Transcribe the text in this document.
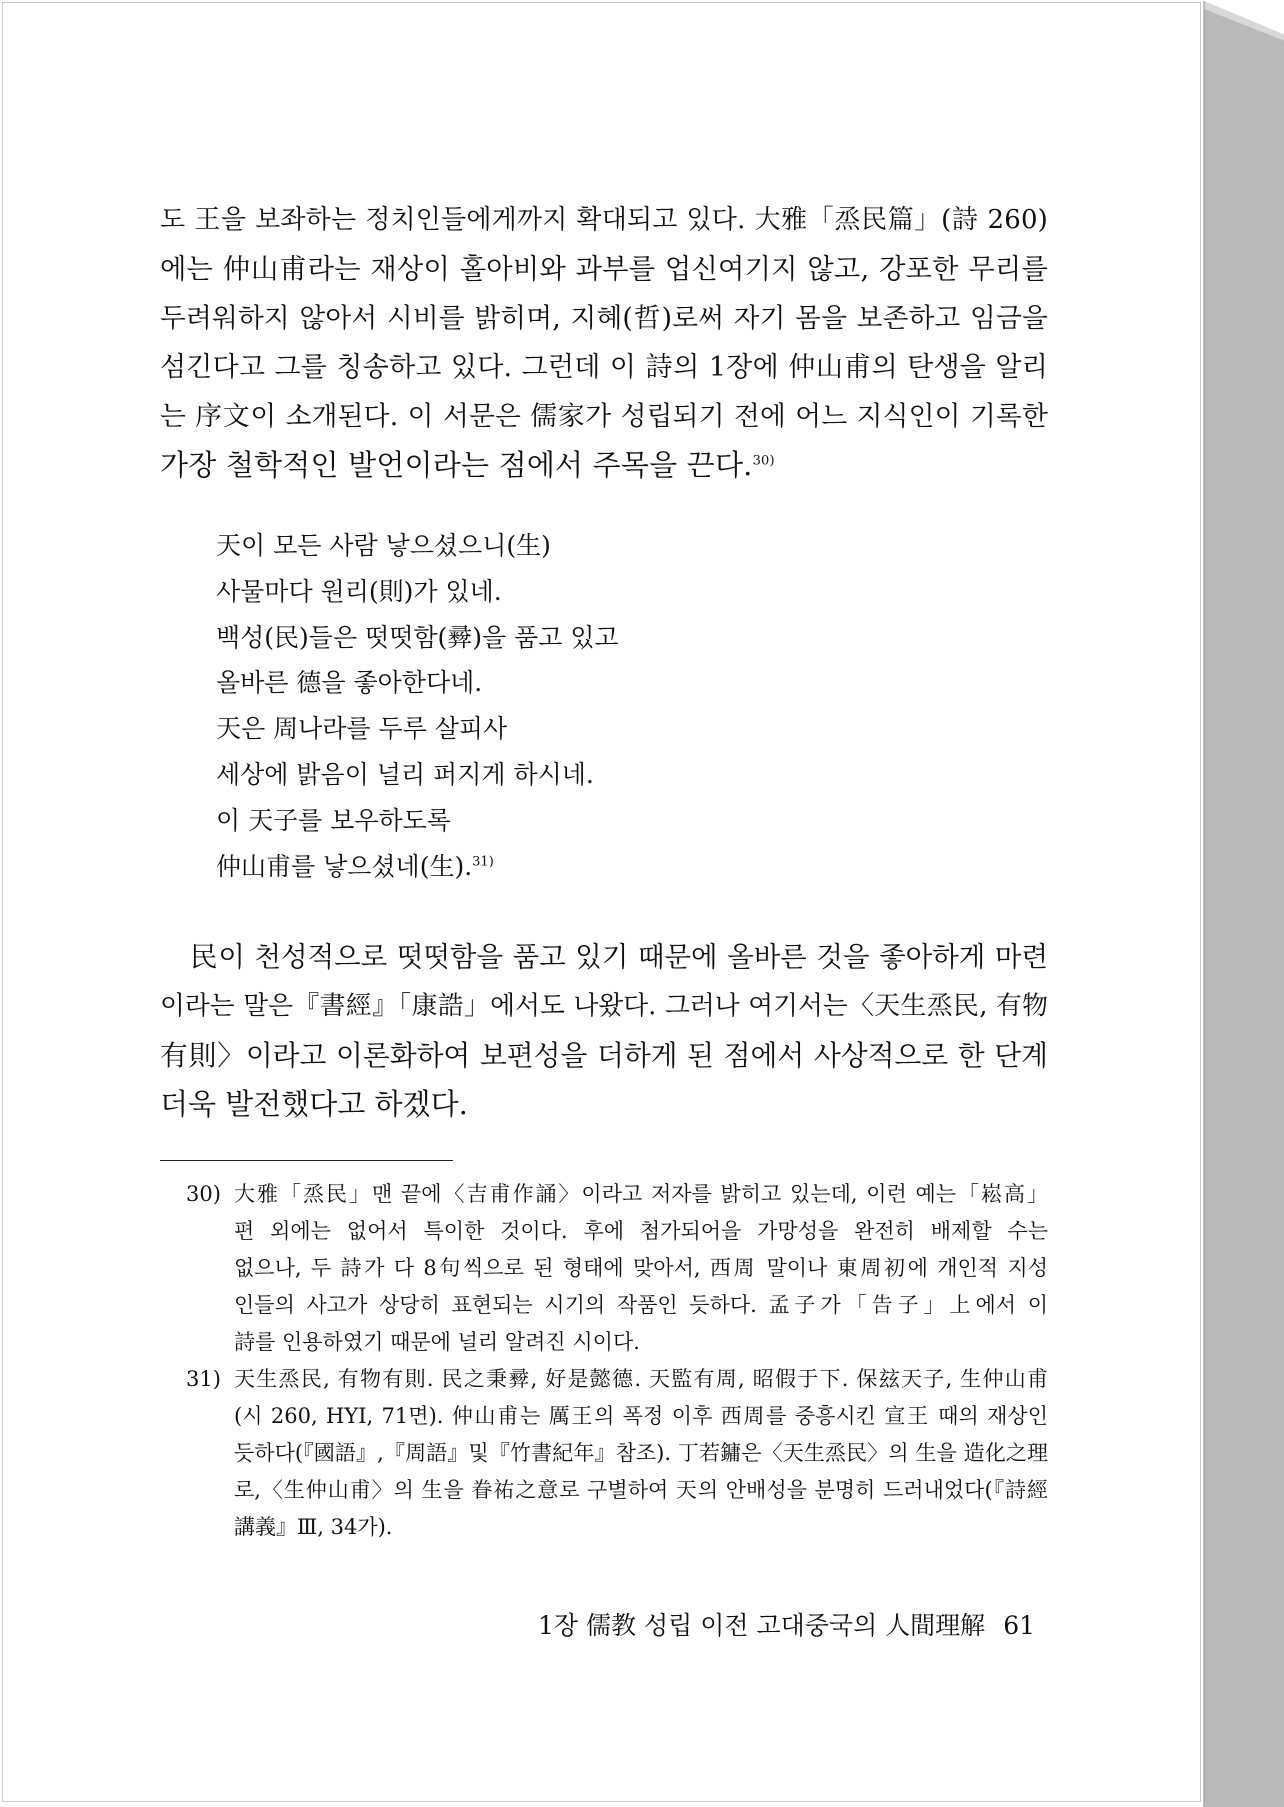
도 王을 보좌하는 정치인들에게까지 확대되고 있다. 大雅「烝民篇」(詩 260)
에는 仲山甫라는 재상이 홀아비와 과부를 업신여기지 않고, 강포한 무리를
두려워하지 않아서 시비를 밝히며, 지혜(哲)로써 자기 몸을 보존하고 임금을
섬긴다고 그를 칭송하고 있다. 그런데 이 詩의 1장에 仲山甫의 탄생을 알리
는 序文이 소개된다. 이 서문은 儒家가 성립되기 전에 어느 지식인이 기록한
가장 철학적인 발언이라는 점에서 주목을 끈다.$^{30)}$
天이 모든 사람 낳으셨으니(生)
사물마다 원리(則)가 있네.
백성(民)들은 떳떳함(彛)을 품고 있고
올바른 德을 좋아한다네.
天은 周나라를 두루 살피사
세상에 밝음이 널리 퍼지게 하시네.
이 天子를 보우하도록
仲山甫를 낳으셨네(生).$^{31)}$
民이 천성적으로 떳떳함을 품고 있기 때문에 올바른 것을 좋아하게 마련
이라는 말은『書經』「康誥」에서도 나왔다. 그러나 여기서는〈天生烝民, 有物
有則〉이라고 이론화하여 보편성을 더하게 된 점에서 사상적으로 한 단계
더욱 발전했다고 하겠다.
30) 大雅「烝民」맨 끝에〈吉甫作誦〉이라고 저자를 밝히고 있는데, 이런 예는「崧高」
편 외에는 없어서 특이한 것이다. 후에 첨가되어을 가망성을 완전히 배제할 수는
없으나, 두 詩가 다 8句씩으로 된 형태에 맞아서, 西周 말이나 東周初에 개인적 지성
인들의 사고가 상당히 표현되는 시기의 작품인 듯하다. 孟子가「告子」上에서 이
詩를 인용하였기 때문에 널리 알려진 시이다.
31) 天生烝民, 有物有則. 民之秉彛, 好是懿德. 天監有周, 昭假于下. 保玆天子, 生仲山甫
(시 260, HYI, 71면). 仲山甫는 厲王의 폭정 이후 西周를 중흥시킨 宣王 때의 재상인
듯하다(『國語』,『周語』및『竹書紀年』참조). 丁若鏞은〈天生烝民〉의 生을 造化之理
로,〈生仲山甫〉의 生을 眷祐之意로 구별하여 天의 안배성을 분명히 드러내었다(『詩經
講義』Ⅲ, 34가).
1장 儒教 성립 이전 고대중국의 人間理解 61
